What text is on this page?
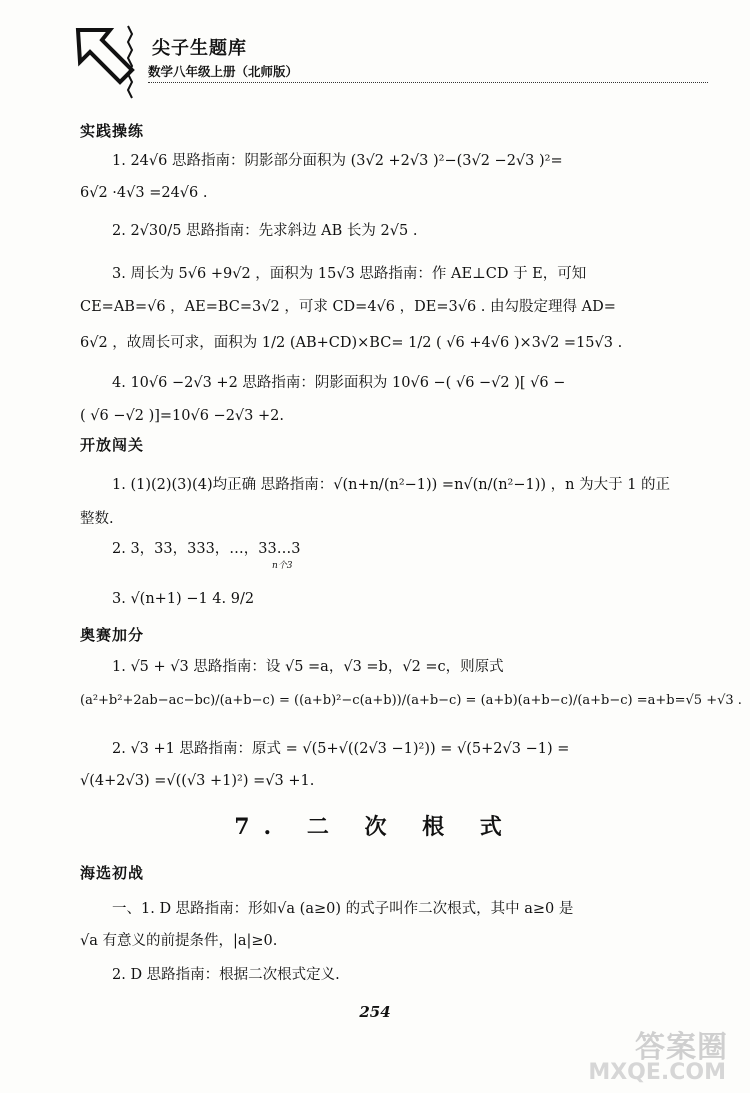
尖子生题库
数学八年级上册（北师版）
实践操练
1. 24√6 思路指南：阴影部分面积为 (3√2 +2√3 )²−(3√2 −2√3 )²=
6√2 ·4√3 =24√6 .
2. 2√30/5 思路指南：先求斜边 AB 长为 2√5 .
3. 周长为 5√6 +9√2 ，面积为 15√3 思路指南：作 AE⊥CD 于 E，可知
CE=AB=√6 ，AE=BC=3√2 ，可求 CD=4√6 ，DE=3√6 . 由勾股定理得 AD=
6√2 ，故周长可求，面积为 1/2 (AB+CD)×BC= 1/2 ( √6 +4√6 )×3√2 =15√3 .
4. 10√6 −2√3 +2 思路指南：阴影面积为 10√6 −( √6 −√2 )[ √6 −
( √6 −√2 )]=10√6 −2√3 +2.
开放闯关
1. (1)(2)(3)(4)均正确 思路指南：√(n+n/(n²−1)) =n√(n/(n²−1)) ，n 为大于 1 的正
整数.
2. 3，33，333，…，33…3
n个3
3. √(n+1) −1 4. 9/2
奥赛加分
1. √5 + √3 思路指南：设 √5 =a，√3 =b，√2 =c，则原式
(a²+b²+2ab−ac−bc)/(a+b−c) = ((a+b)²−c(a+b))/(a+b−c) = (a+b)(a+b−c)/(a+b−c) =a+b=√5 +√3 .
2. √3 +1 思路指南：原式 = √(5+√((2√3 −1)²)) = √(5+2√3 −1) =
√(4+2√3) =√((√3 +1)²) =√3 +1.
7. 二 次 根 式
海选初战
一、1. D 思路指南：形如√a (a≥0) 的式子叫作二次根式，其中 a≥0 是
√a 有意义的前提条件，|a|≥0.
2. D 思路指南：根据二次根式定义.
254
答案圈
MXQE.COM
